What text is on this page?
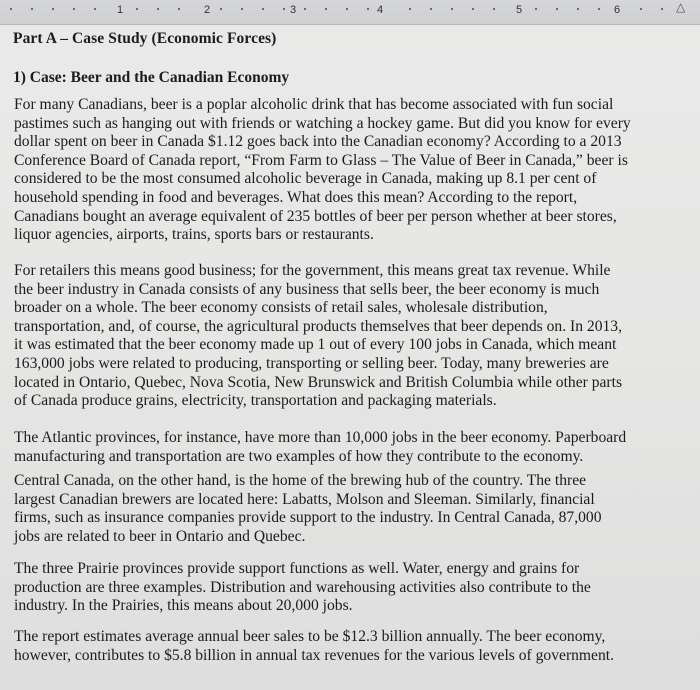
1	2	3	4	5	6	△
Part A – Case Study (Economic Forces)
1) Case: Beer and the Canadian Economy

For many Canadians, beer is a poplar alcoholic drink that has become associated with fun social
pastimes such as hanging out with friends or watching a hockey game. But did you know for every
dollar spent on beer in Canada $1.12 goes back into the Canadian economy? According to a 2013
Conference Board of Canada report, “From Farm to Glass – The Value of Beer in Canada,” beer is
considered to be the most consumed alcoholic beverage in Canada, making up 8.1 per cent of
household spending in food and beverages. What does this mean? According to the report,
Canadians bought an average equivalent of 235 bottles of beer per person whether at beer stores,
liquor agencies, airports, trains, sports bars or restaurants.

For retailers this means good business; for the government, this means great tax revenue. While
the beer industry in Canada consists of any business that sells beer, the beer economy is much
broader on a whole. The beer economy consists of retail sales, wholesale distribution,
transportation, and, of course, the agricultural products themselves that beer depends on. In 2013,
it was estimated that the beer economy made up 1 out of every 100 jobs in Canada, which meant
163,000 jobs were related to producing, transporting or selling beer. Today, many breweries are
located in Ontario, Quebec, Nova Scotia, New Brunswick and British Columbia while other parts
of Canada produce grains, electricity, transportation and packaging materials.

The Atlantic provinces, for instance, have more than 10,000 jobs in the beer economy. Paperboard
manufacturing and transportation are two examples of how they contribute to the economy.

Central Canada, on the other hand, is the home of the brewing hub of the country. The three
largest Canadian brewers are located here: Labatts, Molson and Sleeman. Similarly, financial
firms, such as insurance companies provide support to the industry. In Central Canada, 87,000
jobs are related to beer in Ontario and Quebec.

The three Prairie provinces provide support functions as well. Water, energy and grains for
production are three examples. Distribution and warehousing activities also contribute to the
industry. In the Prairies, this means about 20,000 jobs.

The report estimates average annual beer sales to be $12.3 billion annually. The beer economy,
however, contributes to $5.8 billion in annual tax revenues for the various levels of government.
